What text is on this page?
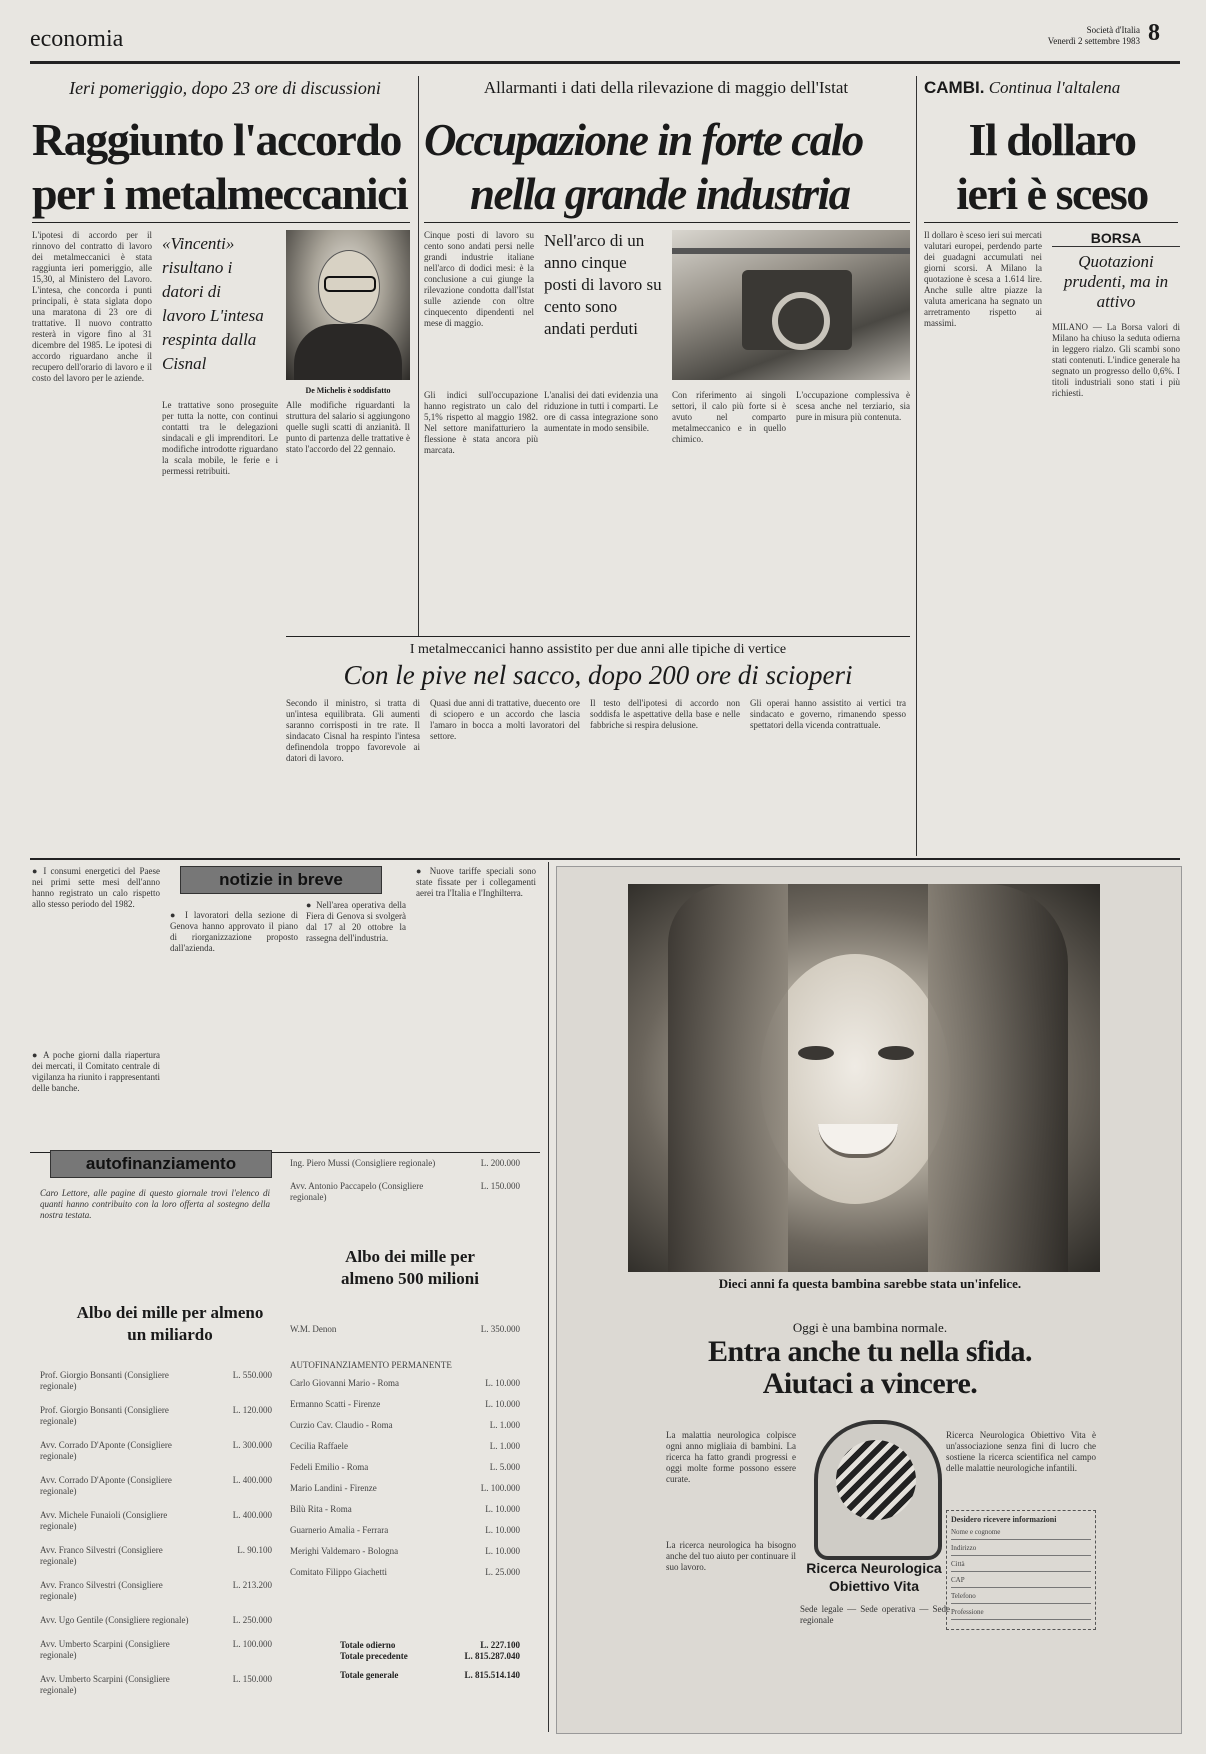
economia	Società d'Italia
Venerdì 2 settembre 1983 8
Ieri pomeriggio, dopo 23 ore di discussioni
Raggiunto l'accordo
per i metalmeccanici
L'ipotesi di accordo per il rinnovo del contratto di lavoro dei metalmeccanici è stata raggiunta ieri pomeriggio, alle 15,30, al Ministero del Lavoro. L'intesa, che concorda i punti principali, è stata siglata dopo una maratona di 23 ore di trattative. Il nuovo contratto resterà in vigore fino al 31 dicembre del 1985. Le ipotesi di accordo riguardano anche il recupero dell'orario di lavoro e il costo del lavoro per le aziende.
«Vincenti» risultano i datori di lavoro L'intesa respinta dalla Cisnal
De Michelis è soddisfatto
Le trattative sono proseguite per tutta la notte, con continui contatti tra le delegazioni sindacali e gli imprenditori. Le modifiche introdotte riguardano la scala mobile, le ferie e i permessi retribuiti.
Alle modifiche riguardanti la struttura del salario si aggiungono quelle sugli scatti di anzianità. Il punto di partenza delle trattative è stato l'accordo del 22 gennaio.
Allarmanti i dati della rilevazione di maggio dell'Istat
Occupazione in forte calo
nella grande industria
Cinque posti di lavoro su cento sono andati persi nelle grandi industrie italiane nell'arco di dodici mesi: è la conclusione a cui giunge la rilevazione condotta dall'Istat sulle aziende con oltre cinquecento dipendenti nel mese di maggio.
Nell'arco di un anno cinque posti di lavoro su cento sono andati perduti
Gli indici sull'occupazione hanno registrato un calo del 5,1% rispetto al maggio 1982. Nel settore manifatturiero la flessione è stata ancora più marcata.
L'analisi dei dati evidenzia una riduzione in tutti i comparti. Le ore di cassa integrazione sono aumentate in modo sensibile.
Con riferimento ai singoli settori, il calo più forte si è avuto nel comparto metalmeccanico e in quello chimico.
L'occupazione complessiva è scesa anche nel terziario, sia pure in misura più contenuta.
CAMBI. Continua l'altalena
Il dollaro
ieri è sceso
Il dollaro è sceso ieri sui mercati valutari europei, perdendo parte dei guadagni accumulati nei giorni scorsi. A Milano la quotazione è scesa a 1.614 lire. Anche sulle altre piazze la valuta americana ha segnato un arretramento rispetto ai massimi.
BORSA
Quotazioni prudenti, ma in attivo
MILANO — La Borsa valori di Milano ha chiuso la seduta odierna in leggero rialzo. Gli scambi sono stati contenuti. L'indice generale ha segnato un progresso dello 0,6%. I titoli industriali sono stati i più richiesti.
I metalmeccanici hanno assistito per due anni alle tipiche di vertice
Con le pive nel sacco, dopo 200 ore di scioperi
Quasi due anni di trattative, duecento ore di sciopero e un accordo che lascia l'amaro in bocca a molti lavoratori del settore.
Il testo dell'ipotesi di accordo non soddisfa le aspettative della base e nelle fabbriche si respira delusione.
Gli operai hanno assistito ai vertici tra sindacato e governo, rimanendo spesso spettatori della vicenda contrattuale.
Secondo il ministro, si tratta di un'intesa equilibrata. Gli aumenti saranno corrisposti in tre rate. Il sindacato Cisnal ha respinto l'intesa definendola troppo favorevole ai datori di lavoro.
notizie in breve
● I consumi energetici del Paese nei primi sette mesi dell'anno hanno registrato un calo rispetto allo stesso periodo del 1982.
● A poche giorni dalla riapertura dei mercati, il Comitato centrale di vigilanza ha riunito i rappresentanti delle banche.
● I lavoratori della sezione di Genova hanno approvato il piano di riorganizzazione proposto dall'azienda.
● Nell'area operativa della Fiera di Genova si svolgerà dal 17 al 20 ottobre la rassegna dell'industria.
● Nuove tariffe speciali sono state fissate per i collegamenti aerei tra l'Italia e l'Inghilterra.
autofinanziamento
Caro Lettore, alle pagine di questo giornale trovi l'elenco di quanti hanno contribuito con la loro offerta al sostegno della nostra testata.
Albo dei mille per almeno un miliardo
Prof. Giorgio Bonsanti (Consigliere regionale)
L. 550.000
Prof. Giorgio Bonsanti (Consigliere regionale)
L. 120.000
Avv. Corrado D'Aponte (Consigliere regionale)
L. 300.000
Avv. Corrado D'Aponte (Consigliere regionale)
L. 400.000
Avv. Michele Funaioli (Consigliere regionale)
L. 400.000
Avv. Franco Silvestri (Consigliere regionale)
L. 90.100
Avv. Franco Silvestri (Consigliere regionale)
L. 213.200
Avv. Ugo Gentile (Consigliere regionale)	L. 250.000
Avv. Umberto Scarpini (Consigliere regionale)
L. 100.000
Avv. Umberto Scarpini (Consigliere regionale)
L. 150.000
Ing. Piero Mussi (Consigliere regionale)	L. 200.000
Avv. Antonio Paccapelo (Consigliere regionale)
L. 150.000
Albo dei mille per almeno 500 milioni
W.M. Denon	L. 350.000
AUTOFINANZIAMENTO PERMANENTE
Carlo Giovanni Mario - Roma	L. 10.000
Ermanno Scatti - Firenze	L. 10.000
Curzio Cav. Claudio - Roma	L. 1.000
Cecilia Raffaele	L. 1.000
Fedeli Emilio - Roma	L. 5.000
Mario Landini - Firenze	L. 100.000
Bilù Rita - Roma	L. 10.000
Guarnerio Amalia - Ferrara	L. 10.000
Merighi Valdemaro - Bologna	L. 10.000
Comitato Filippo Giachetti	L. 25.000
Totale odierno	L. 227.100
Totale precedente	L. 815.287.040
Totale generale	L. 815.514.140
Dieci anni fa questa bambina sarebbe stata un'infelice.
Oggi è una bambina normale.
Entra anche tu nella sfida.
Aiutaci a vincere.
La malattia neurologica colpisce ogni anno migliaia di bambini. La ricerca ha fatto grandi progressi e oggi molte forme possono essere curate.
La ricerca neurologica ha bisogno anche del tuo aiuto per continuare il suo lavoro.	Ricerca Neurologica
Obiettivo Vita
Sede legale — Sede operativa — Sede regionale
Ricerca Neurologica Obiettivo Vita è un'associazione senza fini di lucro che sostiene la ricerca scientifica nel campo delle malattie neurologiche infantili.
Desidero ricevere informazioni
Nome e cognome
Indirizzo
Città
CAP
Telefono
Professione
